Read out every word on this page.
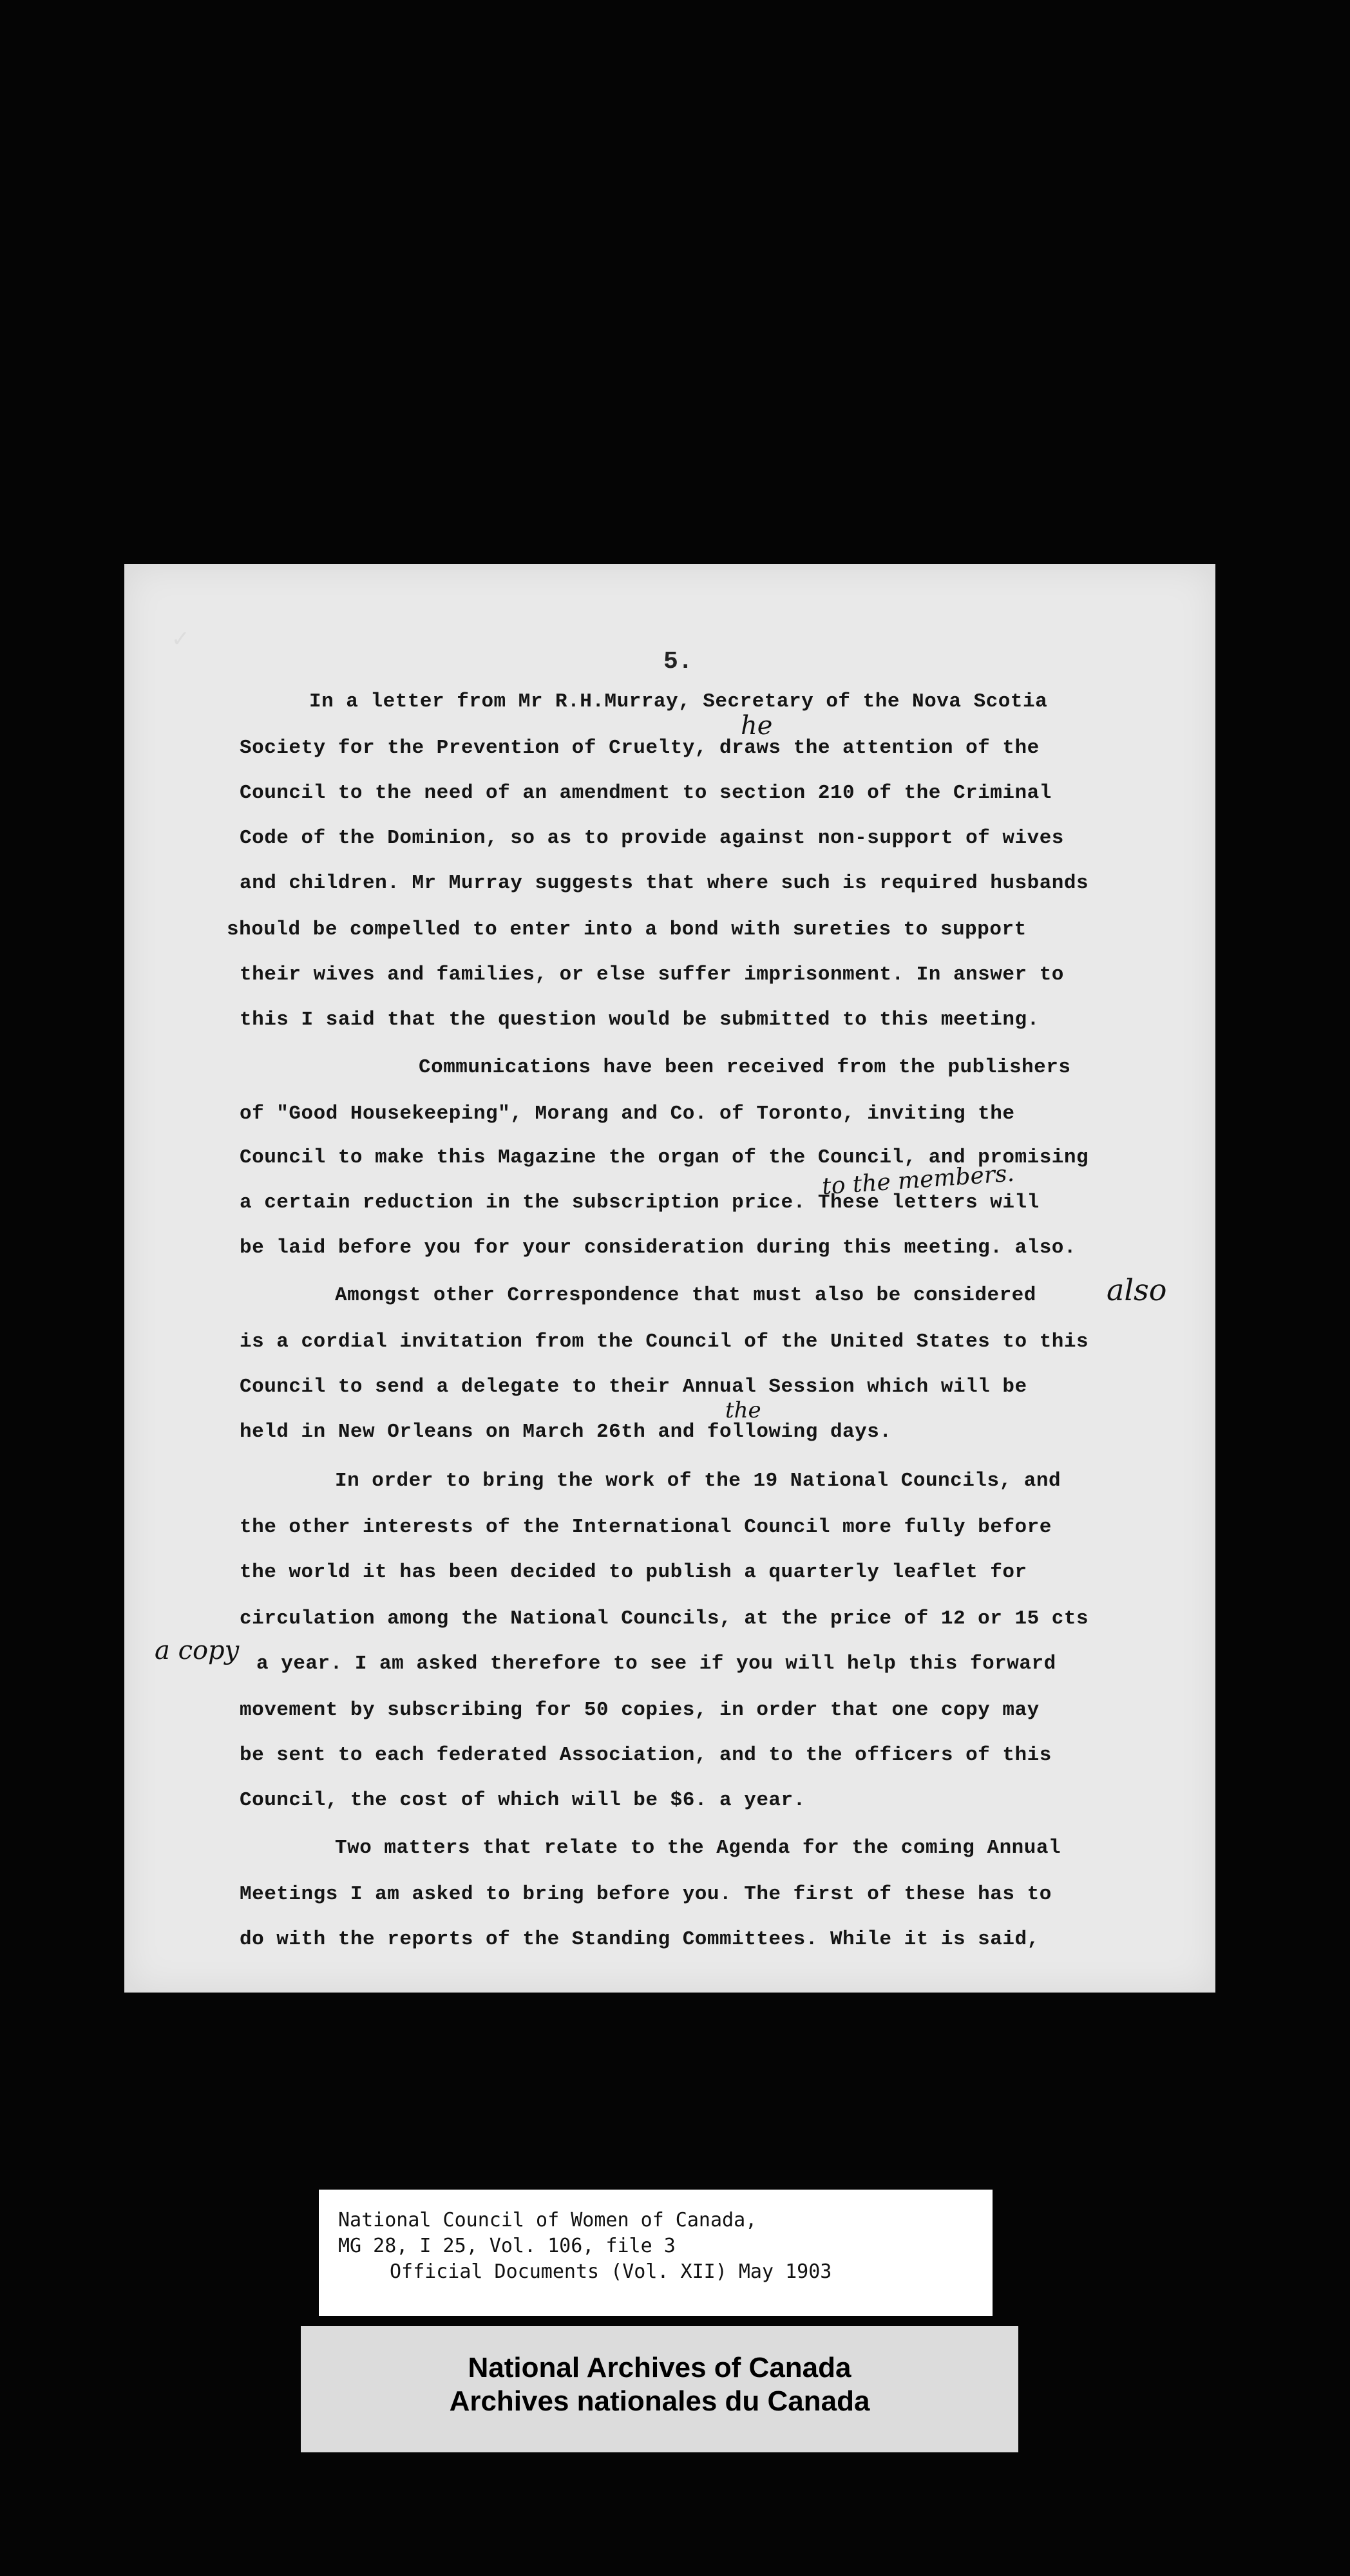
✓
5.
In a letter from Mr R.H.Murray, Secretary of the Nova Scotia
Society for the Prevention of Cruelty, draws the attention of the
Council to the need of an amendment to section 210 of the Criminal
Code of the Dominion, so as to provide against non-support of wives
and children. Mr Murray suggests that where such is required husbands
should be compelled to enter into a bond with sureties to support
their wives and families, or else suffer imprisonment. In answer to
this I said that the question would be submitted to this meeting.
Communications have been received from the publishers
of "Good Housekeeping", Morang and Co. of Toronto, inviting the
Council to make this Magazine the organ of the Council, and promising
a certain reduction in the subscription price. These letters will
be laid before you for your consideration during this meeting. also.
Amongst other Correspondence that must also be considered
is a cordial invitation from the Council of the United States to this
Council to send a delegate to their Annual Session which will be
held in New Orleans on March 26th and following days.
In order to bring the work of the 19 National Councils, and
the other interests of the International Council more fully before
the world it has been decided to publish a quarterly leaflet for
circulation among the National Councils, at the price of 12 or 15 cts
a year. I am asked therefore to see if you will help this forward
movement by subscribing for 50 copies, in order that one copy may
be sent to each federated Association, and to the officers of this
Council, the cost of which will be $6. a year.
Two matters that relate to the Agenda for the coming Annual
Meetings I am asked to bring before you. The first of these has to
do with the reports of the Standing Committees. While it is said,
he
to the members.
also
the
a copy
National Council of Women of Canada,
MG 28, I 25, Vol. 106, file 3
Official Documents (Vol. XII) May 1903
National Archives of Canada
Archives nationales du Canada
